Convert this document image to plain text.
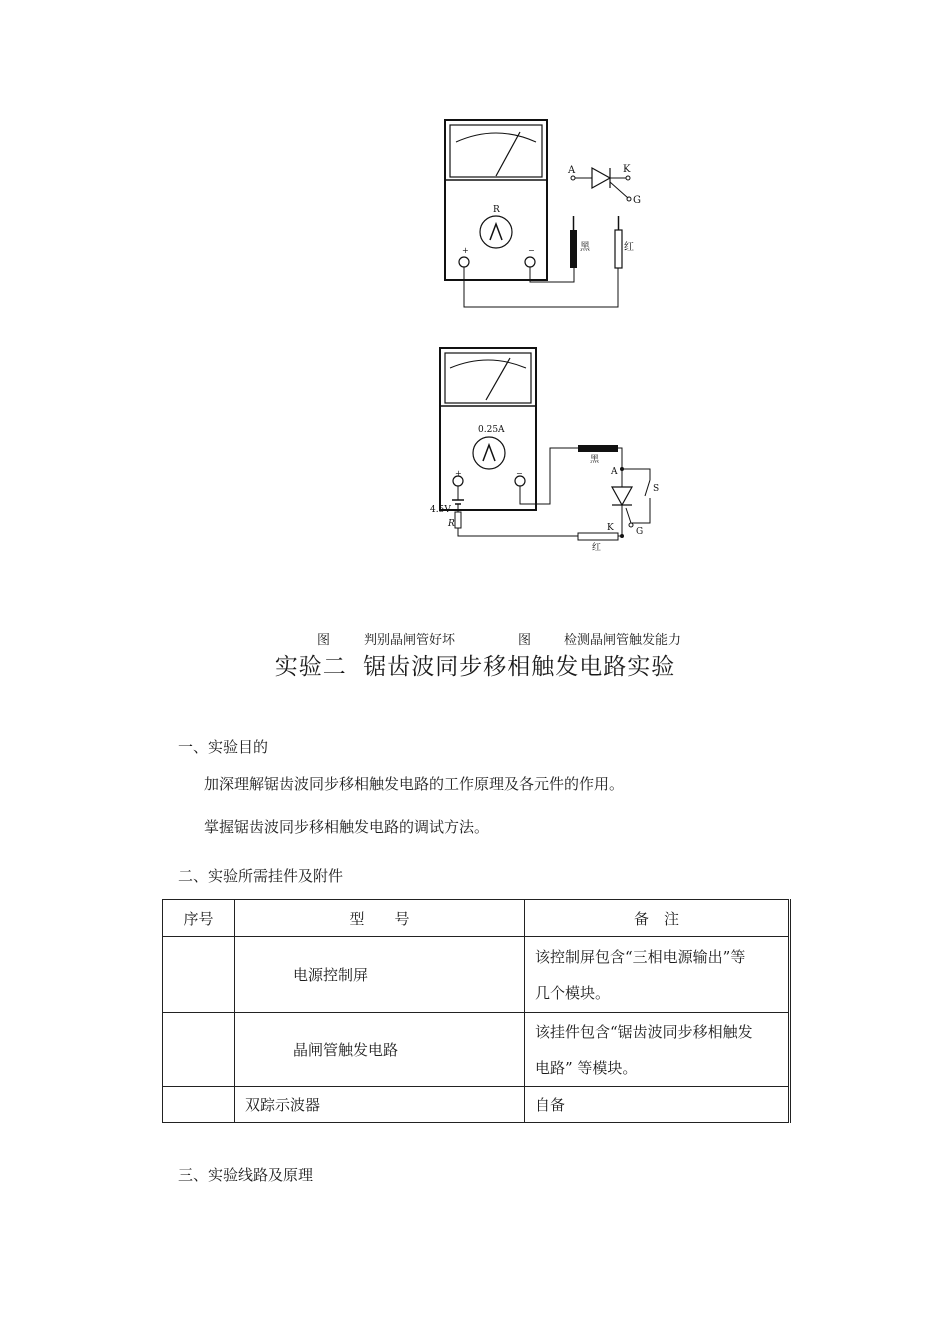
R
+	−	黑	红
A	K
G
0.25A
+	−
4.5V
R
红
黑
A
S
K G
图	判别晶闸管好坏	图	检测晶闸管触发能力
实验二  锯齿波同步移相触发电路实验
一、实验目的
加深理解锯齿波同步移相触发电路的工作原理及各元件的作用。
掌握锯齿波同步移相触发电路的调试方法。
二、实验所需挂件及附件
序号	型　　号	备　注
	电源控制屏	该控制屏包含“三相电源输出”等
几个模块。

	晶闸管触发电路	该挂件包含“锯齿波同步移相触发
电路” 等模块。

	双踪示波器	自备
三、实验线路及原理
